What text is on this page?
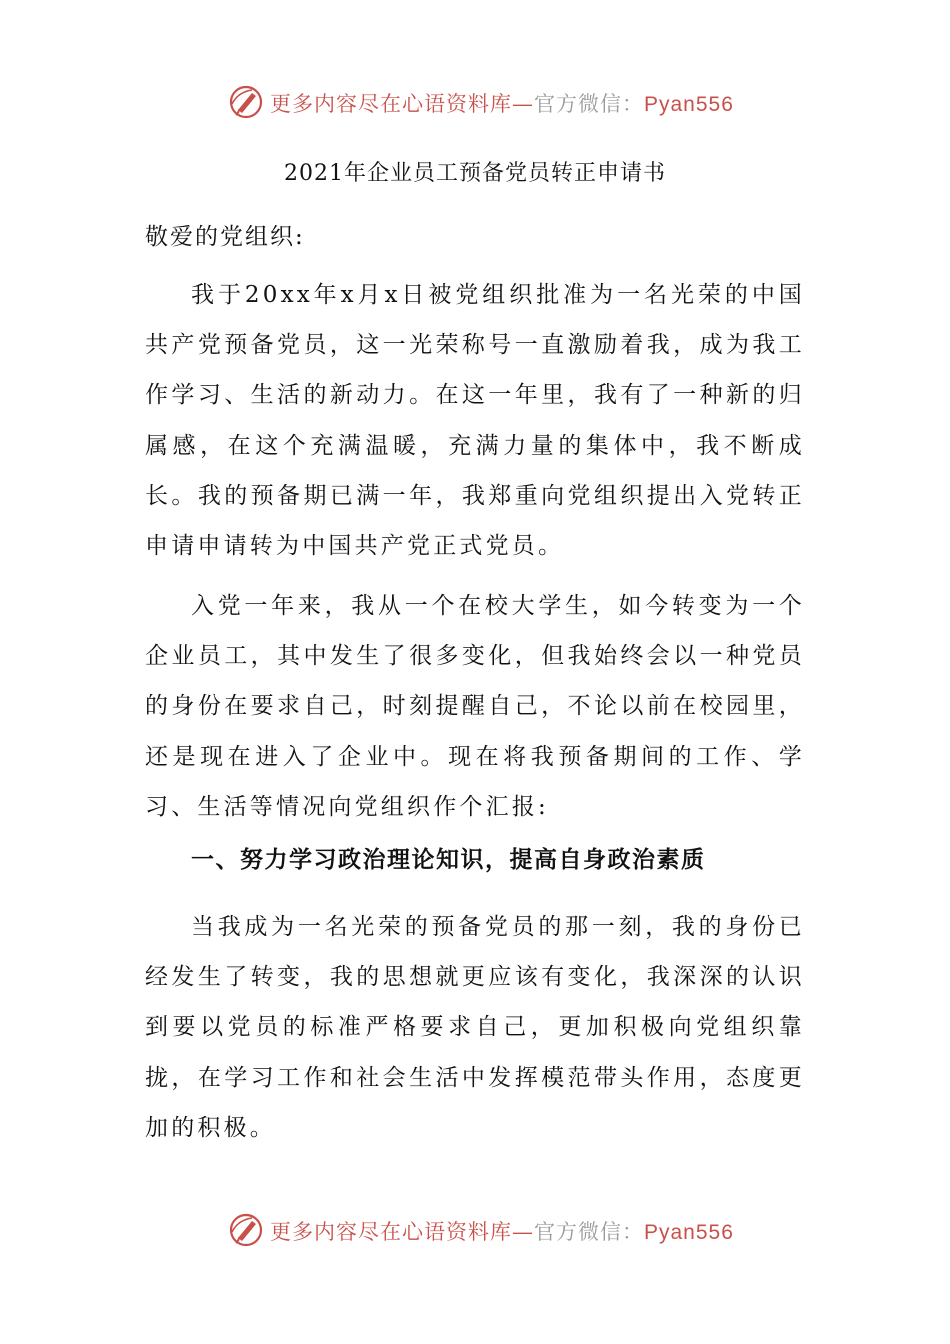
更多内容尽在心语资料库—官方微信：Pyan556
2021年企业员工预备党员转正申请书
敬爱的党组织:

我于20xx年x月x日被党组织批准为一名光荣的中国共产党预备党员，这一光荣称号一直激励着我，成为我工作学习、生活的新动力。在这一年里，我有了一种新的归属感，在这个充满温暖，充满力量的集体中，我不断成长。我的预备期已满一年，我郑重向党组织提出入党转正申请申请转为中国共产党正式党员。

入党一年来，我从一个在校大学生，如今转变为一个企业员工，其中发生了很多变化，但我始终会以一种党员的身份在要求自己，时刻提醒自己，不论以前在校园里，还是现在进入了企业中。现在将我预备期间的工作、学习、生活等情况向党组织作个汇报:

一、努力学习政治理论知识，提高自身政治素质

当我成为一名光荣的预备党员的那一刻，我的身份已经发生了转变，我的思想就更应该有变化，我深深的认识到要以党员的标准严格要求自己，更加积极向党组织靠拢，在学习工作和社会生活中发挥模范带头作用，态度更加的积极。

更多内容尽在心语资料库—官方微信：Pyan556
